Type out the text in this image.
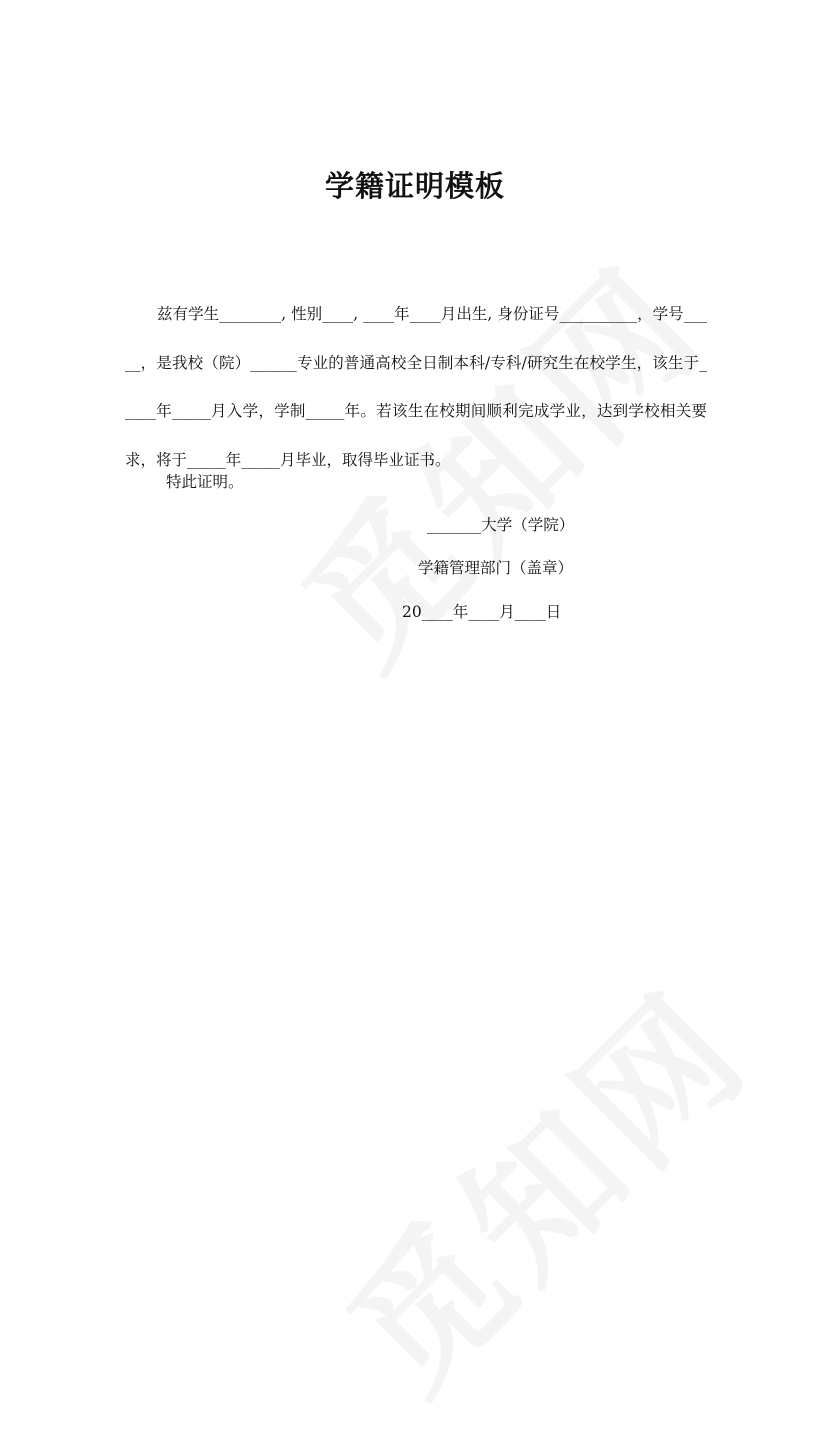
学籍证明模板

兹有学生________, 性别____, ____年____月出生, 身份证号__________，学号_____，是我校（院）______专业的普通高校全日制本科/专科/研究生在校学生，该生于_____年_____月入学，学制_____年。若该生在校期间顺利完成学业，达到学校相关要求，将于_____年_____月毕业，取得毕业证书。

特此证明。
_______大学（学院）
学籍管理部门（盖章）
20____年____月____日
